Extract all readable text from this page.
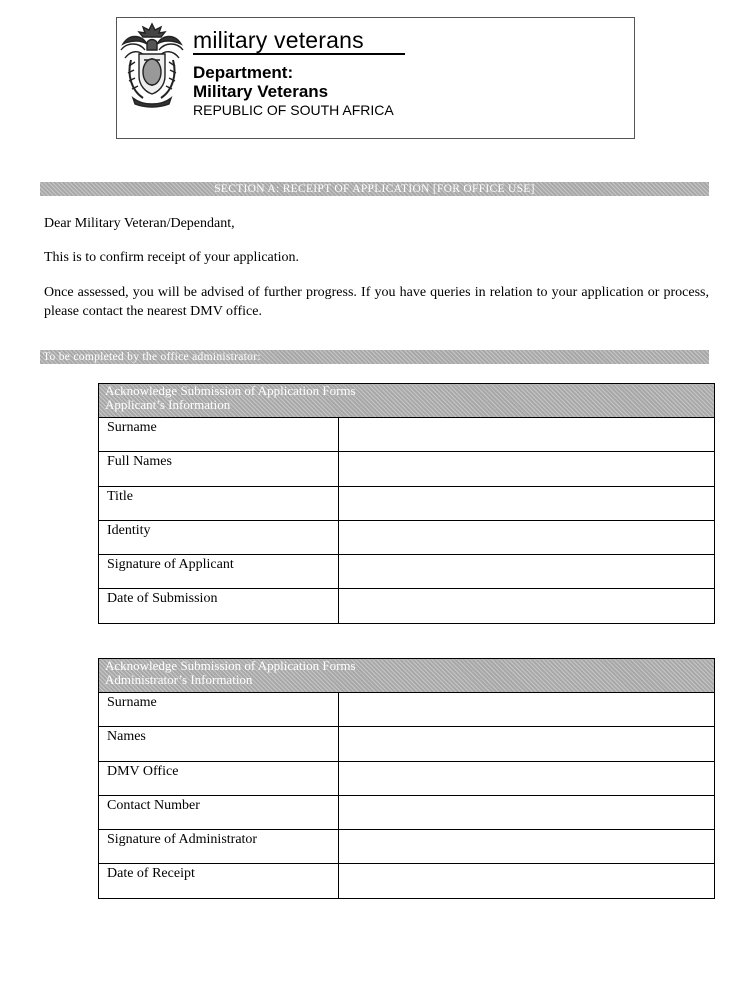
military veterans
Department:
Military Veterans
REPUBLIC OF SOUTH AFRICA
SECTION A: RECEIPT OF APPLICATION [FOR OFFICE USE]
Dear Military Veteran/Dependant,
This is to confirm receipt of your application.
Once assessed, you will be advised of further progress. If you have queries in relation to your application or process, please contact the nearest DMV office.
To be completed by the office administrator:
Acknowledge Submission of Application Forms
Applicant’s Information	

Surname	
Full Names	
Title	
Identity	
Signature of Applicant	
Date of Submission	
Acknowledge Submission of Application Forms
Administrator’s Information	

Surname	
Names	
DMV Office	
Contact Number	
Signature of Administrator	
Date of Receipt	
